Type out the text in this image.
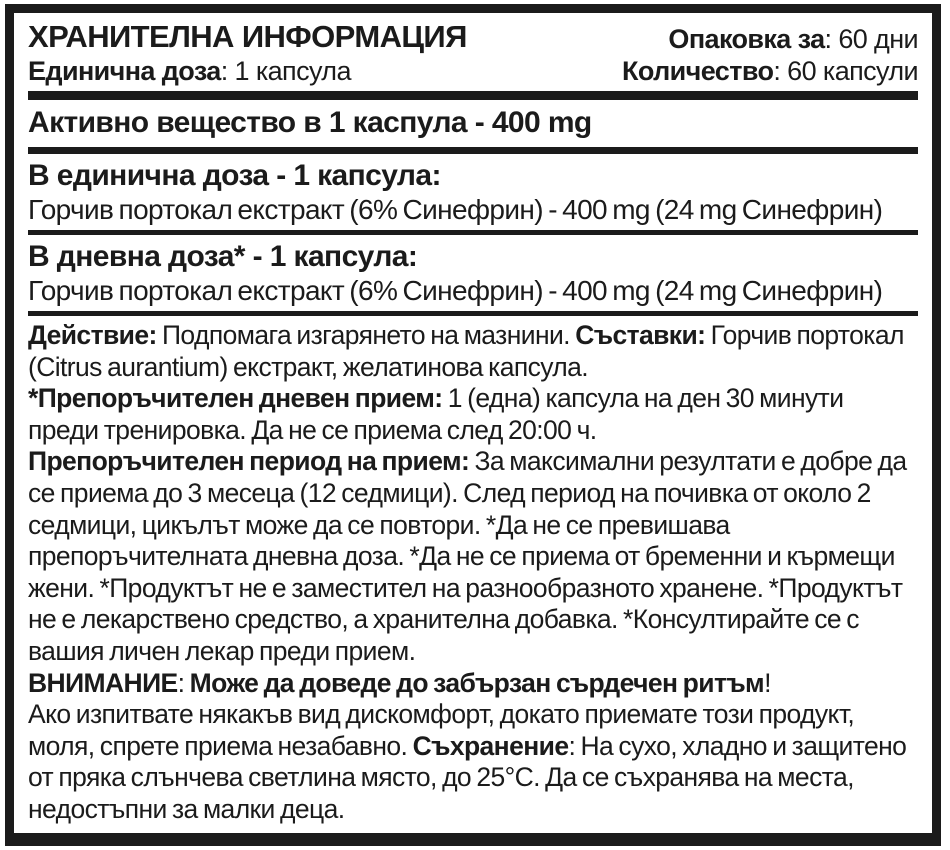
ХРАНИТЕЛНА ИНФОРМАЦИЯ
Единична доза: 1 капсула
Опаковка за: 60 дни
Количество: 60 капсули
Активно вещество в 1 каспула - 400 mg
В единична доза - 1 капсула:
Горчив портокал екстракт (6% Синефрин) - 400 mg (24 mg Синефрин)
В дневна доза* - 1 капсула:
Горчив портокал екстракт (6% Синефрин) - 400 mg (24 mg Синефрин)

Действие: Подпомага изгарянето на мазнини. Съставки: Горчив портокал (Citrus aurantium) екстракт, желатинова капсула.

*Препоръчителен дневен прием: 1 (една) капсула на ден 30 минути преди тренировка. Да не се приема след 20:00 ч.

Препоръчителен период на прием: За максимални резултати е добре да се приема до 3 месеца (12 седмици). След период на почивка от около 2 седмици, цикълът може да се повтори. *Да не се превишава препоръчителната дневна доза. *Да не се приема от бременни и кърмещи жени. *Продуктът не е заместител на разнообразното хранене. *Продуктът не е лекарствено средство, а хранителна добавка. *Консултирайте се с вашия личен лекар преди прием.

ВНИМАНИЕ: Може да доведе до забързан сърдечен ритъм!

Ако изпитвате някакъв вид дискомфорт, докато приемате този продукт, моля, спрете приема незабавно. Съхранение: На сухо, хладно и защитено от пряка слънчева светлина място, до 25°C. Да се съхранява на места, недостъпни за малки деца.
